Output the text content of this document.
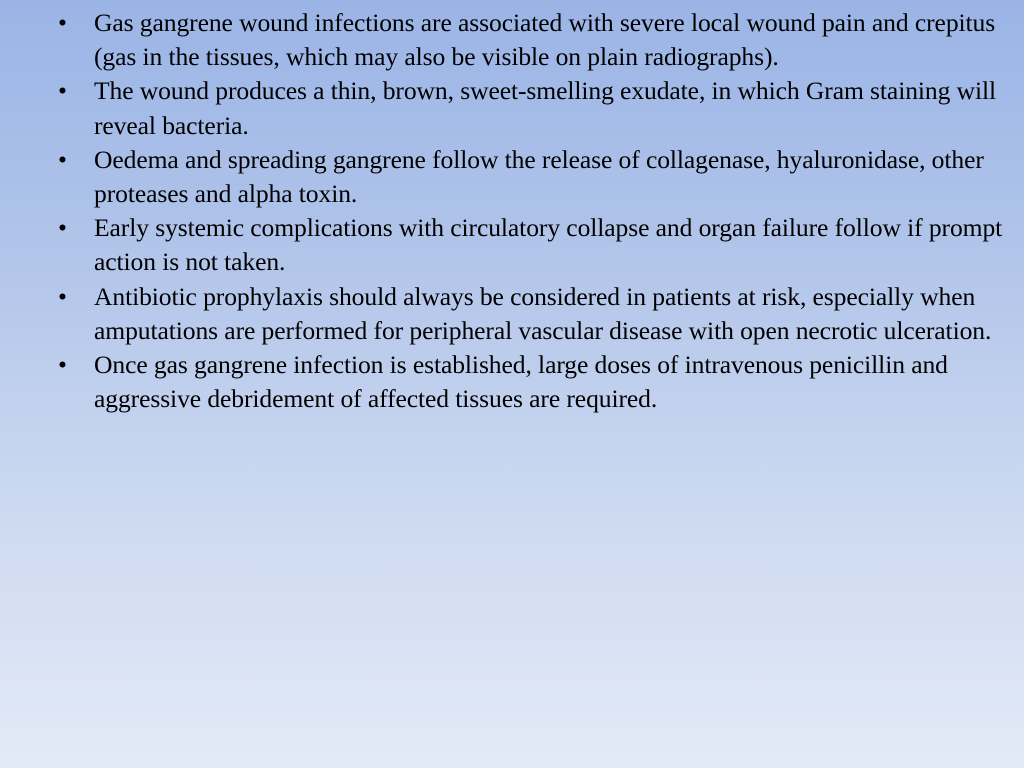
•	Gas gangrene wound infections are associated with severe local wound pain and crepitus (gas in the tissues, which may also be visible on plain radiographs).
•	The wound produces a thin, brown, sweet-smelling exudate, in which Gram staining will reveal bacteria.
•	Oedema and spreading gangrene follow the release of collagenase, hyaluronidase, other proteases and alpha toxin.
•	Early systemic complications with circulatory collapse and organ failure follow if prompt action is not taken.
•	Antibiotic prophylaxis should always be considered in patients at risk, especially when amputations are performed for peripheral vascular disease with open necrotic ulceration.
•	Once gas gangrene infection is established, large doses of intravenous penicillin and aggressive debridement of affected tissues are required.
